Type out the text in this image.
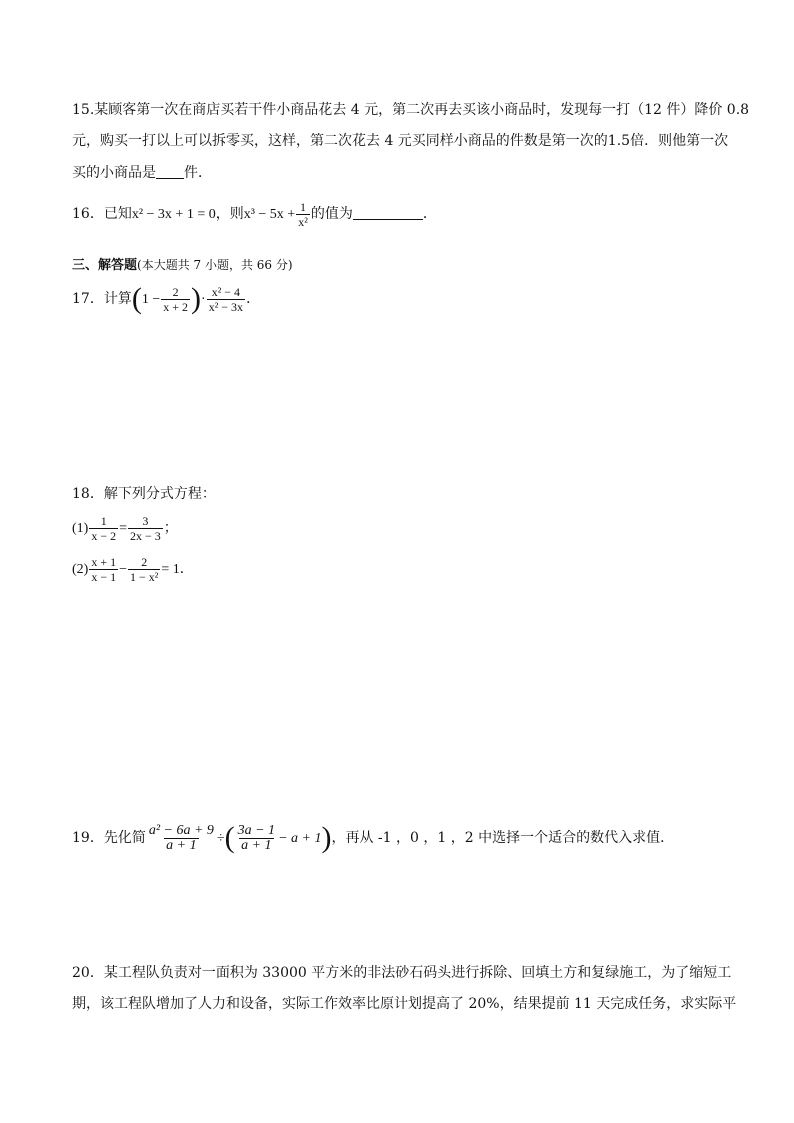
15.某顾客第一次在商店买若干件小商品花去 4 元，第二次再去买该小商品时，发现每一打（12 件）降价 0.8
元，购买一打以上可以拆零买，这样，第二次花去 4 元买同样小商品的件数是第一次的1.5倍．则他第一次
买的小商品是 件．
16．已知x² − 3x + 1 = 0，则$x^3 - 5x + \frac{1}{\text{x²}}$ 的值为	．
三、解答题(本大题共 7 小题，共 66 分)
17．计算($1 - \frac{2}{x + 2}$ )· $\frac{\text{x² − 4}}{\text{x² − 3x}}$ ．
18．解下列分式方程：
$(1) \frac{1}{x - 2} = \frac{3}{2x - 3}$ ；
$(2) \frac{x + 1}{x - 1} - \frac{2}{\text{1 − x²}} = 1$．
19．先化简 $\frac{\text{a² − 6a + 9}}{a + 1}$ ÷( $\frac{3a - 1}{a + 1} - a + 1$)，再从 -1 ，0 ，1 ，2 中选择一个适合的数代入求值．
20．某工程队负责对一面积为 33000 平方米的非法砂石码头进行拆除、回填土方和复绿施工，为了缩短工
期，该工程队增加了人力和设备，实际工作效率比原计划提高了 20%，结果提前 11 天完成任务，求实际平
